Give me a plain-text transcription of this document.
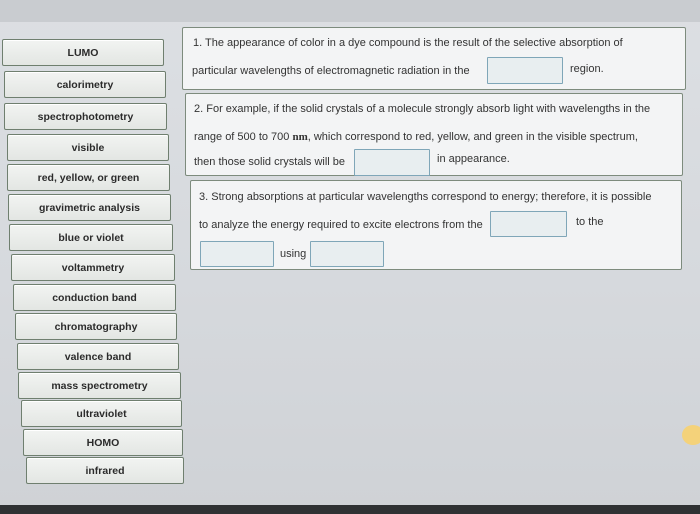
LUMO
calorimetry
spectrophotometry
visible
red, yellow, or green
gravimetric analysis
blue or violet
voltammetry
conduction band
chromatography
valence band
mass spectrometry
ultraviolet
HOMO
infrared
1. The appearance of color in a dye compound is the result of the selective absorption of
particular wavelengths of electromagnetic radiation in the	region.
2. For example, if the solid crystals of a molecule strongly absorb light with wavelengths in the
range of 500 to 700 nm, which correspond to red, yellow, and green in the visible spectrum,
then those solid crystals will be	in appearance.
3. Strong absorptions at particular wavelengths correspond to energy; therefore, it is possible
to analyze the energy required to excite electrons from the	to the
using
